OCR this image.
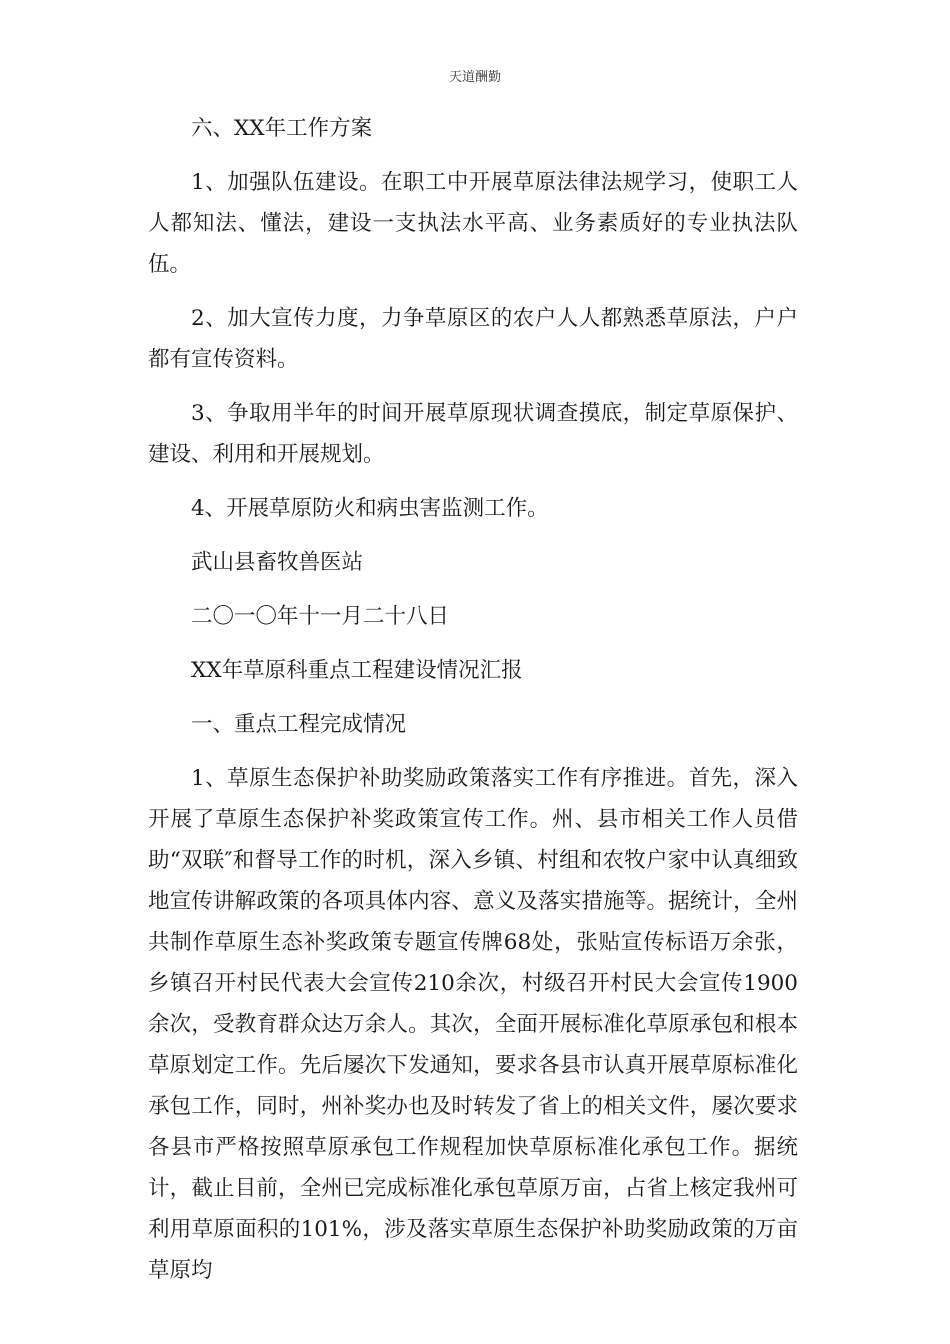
天道酬勤

六、XX年工作方案

1、加强队伍建设。在职工中开展草原法律法规学习，使职工人人都知法、懂法，建设一支执法水平高、业务素质好的专业执法队伍。

2、加大宣传力度，力争草原区的农户人人都熟悉草原法，户户都有宣传资料。

3、争取用半年的时间开展草原现状调查摸底，制定草原保护、建设、利用和开展规划。

4、开展草原防火和病虫害监测工作。

武山县畜牧兽医站

二〇一〇年十一月二十八日

XX年草原科重点工程建设情况汇报

一、重点工程完成情况

1、草原生态保护补助奖励政策落实工作有序推进。首先，深入开展了草原生态保护补奖政策宣传工作。州、县市相关工作人员借助“双联″和督导工作的时机，深入乡镇、村组和农牧户家中认真细致地宣传讲解政策的各项具体内容、意义及落实措施等。据统计，全州共制作草原生态补奖政策专题宣传牌68处，张贴宣传标语万余张，乡镇召开村民代表大会宣传210余次，村级召开村民大会宣传1900余次，受教育群众达万余人。其次，全面开展标准化草原承包和根本草原划定工作。先后屡次下发通知，要求各县市认真开展草原标准化承包工作，同时，州补奖办也及时转发了省上的相关文件，屡次要求各县市严格按照草原承包工作规程加快草原标准化承包工作。据统计，截止目前，全州已完成标准化承包草原万亩，占省上核定我州可利用草原面积的101%，涉及落实草原生态保护补助奖励政策的万亩草原均
